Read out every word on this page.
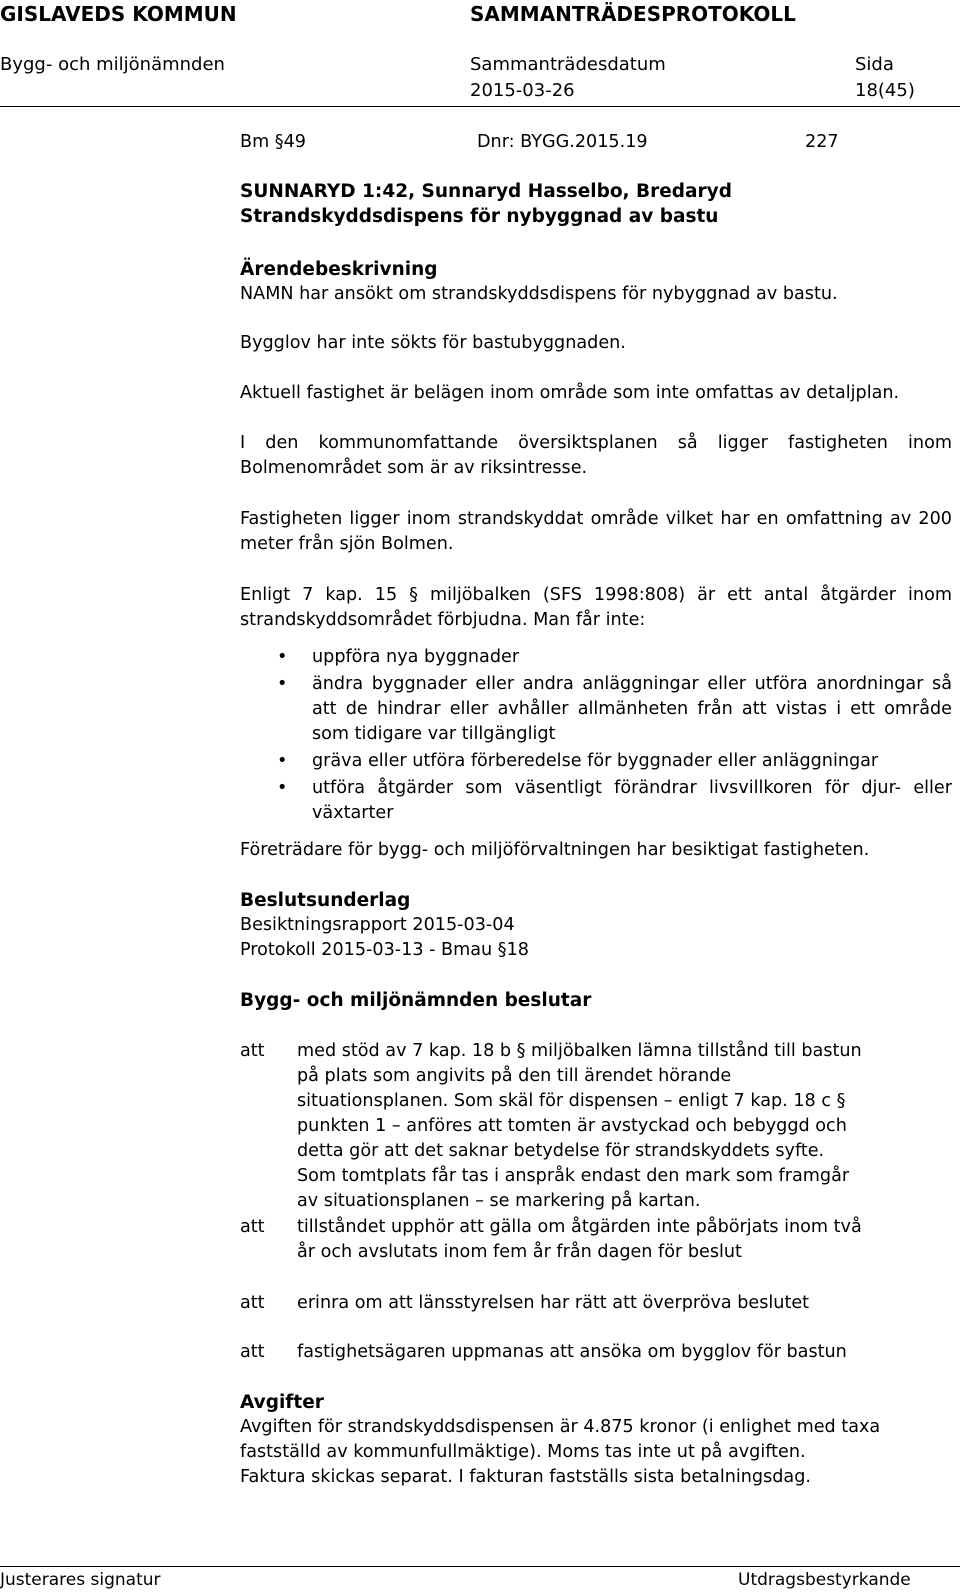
GISLAVEDS KOMMUN	SAMMANTRÄDESPROTOKOLL
Bygg- och miljönämnden	Sammanträdesdatum
2015-03-26
Sida
18(45)
Bm §49	Dnr: BYGG.2015.19	227

SUNNARYD 1:42, Sunnaryd Hasselbo, Bredaryd

Strandskyddsdispens för nybyggnad av bastu

Ärendebeskrivning

NAMN har ansökt om strandskyddsdispens för nybyggnad av bastu.

Bygglov har inte sökts för bastubyggnaden.

Aktuell fastighet är belägen inom område som inte omfattas av detaljplan.

I den kommunomfattande översiktsplanen så ligger fastigheten inom Bolmenområdet som är av riksintresse.

Fastigheten ligger inom strandskyddat område vilket har en omfattning av 200 meter från sjön Bolmen.

Enligt 7 kap. 15 § miljöbalken (SFS 1998:808) är ett antal åtgärder inom strandskyddsområdet förbjudna. Man får inte:

• uppföra nya byggnader
• ändra byggnader eller andra anläggningar eller utföra anordningar så att de hindrar eller avhåller allmänheten från att vistas i ett område som tidigare var tillgängligt
• gräva eller utföra förberedelse för byggnader eller anläggningar
• utföra åtgärder som väsentligt förändrar livsvillkoren för djur- eller växtarter

Företrädare för bygg- och miljöförvaltningen har besiktigat fastigheten.

Beslutsunderlag

Besiktningsrapport 2015-03-04

Protokoll 2015-03-13 - Bmau §18

Bygg- och miljönämnden beslutar

att med stöd av 7 kap. 18 b § miljöbalken lämna tillstånd till bastun på plats som angivits på den till ärendet hörande situationsplanen. Som skäl för dispensen – enligt 7 kap. 18 c § punkten 1 – anföres att tomten är avstyckad och bebyggd och detta gör att det saknar betydelse för strandskyddets syfte. Som tomtplats får tas i anspråk endast den mark som framgår av situationsplanen – se markering på kartan.
att tillståndet upphör att gälla om åtgärden inte påbörjats inom två år och avslutats inom fem år från dagen för beslut
att erinra om att länsstyrelsen har rätt att överpröva beslutet
att fastighetsägaren uppmanas att ansöka om bygglov för bastun

Avgifter

Avgiften för strandskyddsdispensen är 4.875 kronor (i enlighet med taxa

fastställd av kommunfullmäktige). Moms tas inte ut på avgiften.

Faktura skickas separat. I fakturan fastställs sista betalningsdag.

Justerares signatur	Utdragsbestyrkande
